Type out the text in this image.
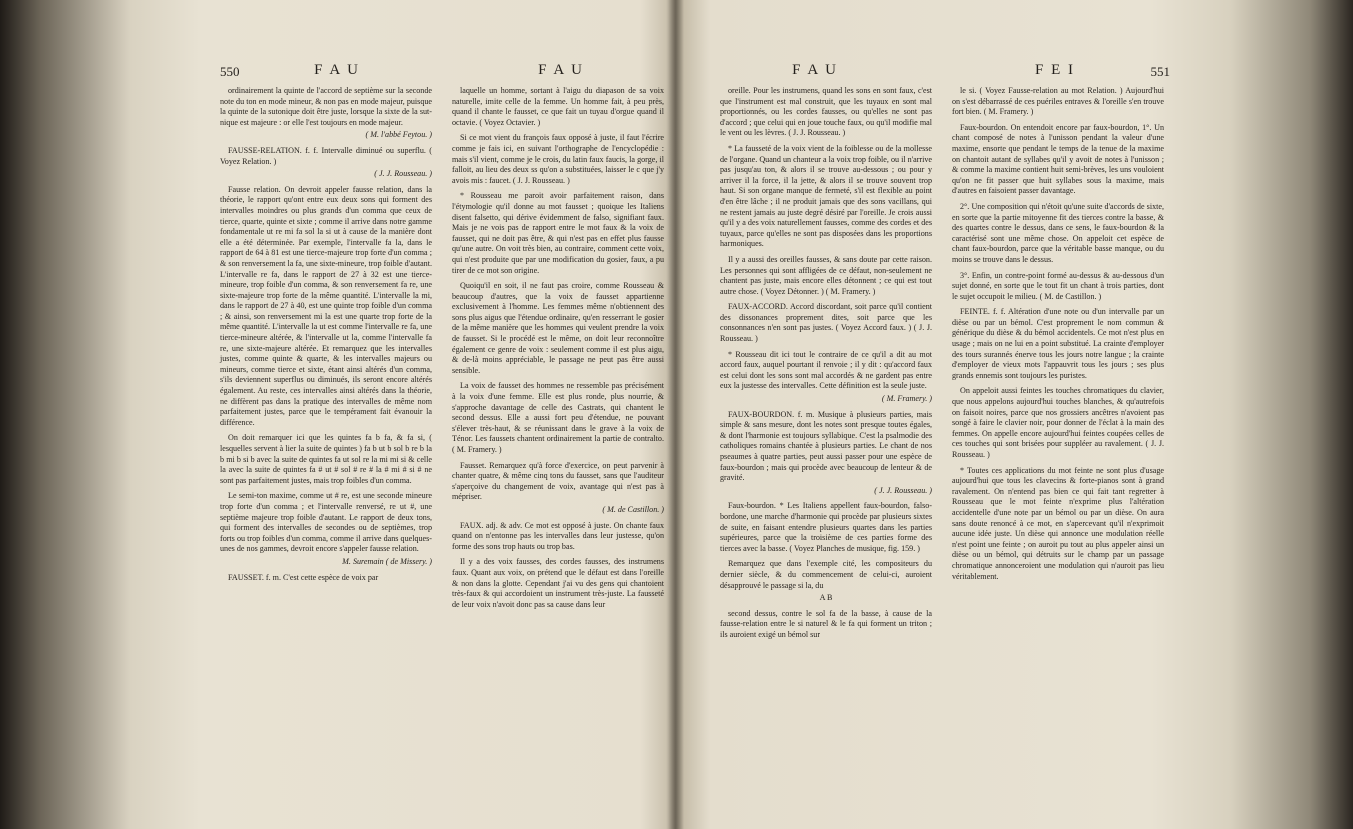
550	F A U	F A U

ordinairement la quinte de l'accord de septième sur la seconde note du ton en mode mineur, & non pas en mode majeur, puisque la quinte de la sutonique doit être juste, lorsque la sixte de la sut-nique est majeure : or elle l'est toujours en mode majeur.

( M. l'abbé Feytou. )

FAUSSE-RELATION. f. f. Intervalle diminué ou superflu. ( Voyez Relation. )

( J. J. Rousseau. )

Fausse relation. On devroit appeler fausse relation, dans la théorie, le rapport qu'ont entre eux deux sons qui forment des intervalles moindres ou plus grands d'un comma que ceux de tierce, quarte, quinte et sixte ; comme il arrive dans notre gamme fondamentale ut re mi fa sol la si ut à cause de la manière dont elle a été déterminée. Par exemple, l'intervalle fa la, dans le rapport de 64 à 81 est une tierce-majeure trop forte d'un comma ; & son renversement la fa, une sixte-mineure, trop foible d'autant. L'intervalle re fa, dans le rapport de 27 à 32 est une tierce-mineure, trop foible d'un comma, & son renversement fa re, une sixte-majeure trop forte de la même quantité. L'intervalle la mi, dans le rapport de 27 à 40, est une quinte trop foible d'un comma ; & ainsi, son renversement mi la est une quarte trop forte de la même quantité. L'intervalle la ut est comme l'intervalle re fa, une tierce-mineure altérée, & l'intervalle ut la, comme l'intervalle fa re, une sixte-majeure altérée. Et remarquez que les intervalles justes, comme quinte & quarte, & les intervalles majeurs ou mineurs, comme tierce et sixte, étant ainsi altérés d'un comma, s'ils deviennent superflus ou diminués, ils seront encore altérés également. Au reste, ces intervalles ainsi altérés dans la théorie, ne diffèrent pas dans la pratique des intervalles de même nom parfaitement justes, parce que le tempérament fait évanouir la différence.

On doit remarquer ici que les quintes fa b fa, & fa si, ( lesquelles servent à lier la suite de quintes ) fa b ut b sol b re b la b mi b si b avec la suite de quintes fa ut sol re la mi mi si & celle la avec la suite de quintes fa # ut # sol # re # la # mi # si # ne sont pas parfaitement justes, mais trop foibles d'un comma.

Le semi-ton maxime, comme ut # re, est une seconde mineure trop forte d'un comma ; et l'intervalle renversé, re ut #, une septième majeure trop foible d'autant. Le rapport de deux tons, qui forment des intervalles de secondes ou de septièmes, trop forts ou trop foibles d'un comma, comme il arrive dans quelques-unes de nos gammes, devroit encore s'appeler fausse relation.

M. Suremain ( de Missery. )

FAUSSET. f. m. C'est cette espèce de voix par

laquelle un homme, sortant à l'aigu du diapason de sa voix naturelle, imite celle de la femme. Un homme fait, à peu près, quand il chante le fausset, ce que fait un tuyau d'orgue quand il octavie. ( Voyez Octavier. )

Si ce mot vient du françois faux opposé à juste, il faut l'écrire comme je fais ici, en suivant l'orthographe de l'encyclopédie : mais s'il vient, comme je le crois, du latin faux faucis, la gorge, il falloit, au lieu des deux ss qu'on a substituées, laisser le c que j'y avois mis : faucet. ( J. J. Rousseau. )

* Rousseau me paroit avoir parfaitement raison, dans l'étymologie qu'il donne au mot fausset ; quoique les Italiens disent falsetto, qui dérive évidemment de falso, signifiant faux. Mais je ne vois pas de rapport entre le mot faux & la voix de fausset, qui ne doit pas être, & qui n'est pas en effet plus fausse qu'une autre. On voit très bien, au contraire, comment cette voix, qui n'est produite que par une modification du gosier, faux, a pu tirer de ce mot son origine.

Quoiqu'il en soit, il ne faut pas croire, comme Rousseau & beaucoup d'autres, que la voix de fausset appartienne exclusivement à l'homme. Les femmes même n'obtiennent des sons plus aigus que l'étendue ordinaire, qu'en resserrant le gosier de la même manière que les hommes qui veulent prendre la voix de fausset. Si le procédé est le même, on doit leur reconnoître également ce genre de voix : seulement comme il est plus aigu, & de-là moins appréciable, le passage ne peut pas être aussi sensible.

La voix de fausset des hommes ne ressemble pas précisément à la voix d'une femme. Elle est plus ronde, plus nourrie, & s'approche davantage de celle des Castrats, qui chantent le second dessus. Elle a aussi fort peu d'étendue, ne pouvant s'élever très-haut, & se réunissant dans le grave à la voix de Ténor. Les faussets chantent ordinairement la partie de contralto. ( M. Framery. )

Fausset. Remarquez qu'à force d'exercice, on peut parvenir à chanter quatre, & même cinq tons du fausset, sans que l'auditeur s'aperçoive du changement de voix, avantage qui n'est pas à mépriser.

( M. de Castillon. )

FAUX. adj. & adv. Ce mot est opposé à juste. On chante faux quand on n'entonne pas les intervalles dans leur justesse, qu'on forme des sons trop hauts ou trop bas.

Il y a des voix fausses, des cordes fausses, des instrumens faux. Quant aux voix, on prétend que le défaut est dans l'oreille & non dans la glotte. Cependant j'ai vu des gens qui chantoient très-faux & qui accordoient un instrument très-juste. La fausseté de leur voix n'avoit donc pas sa cause dans leur

F A U	F E I	551

oreille. Pour les instrumens, quand les sons en sont faux, c'est que l'instrument est mal construit, que les tuyaux en sont mal proportionnés, ou les cordes fausses, ou qu'elles ne sont pas d'accord ; que celui qui en joue touche faux, ou qu'il modifie mal le vent ou les lèvres. ( J. J. Rousseau. )

* La fausseté de la voix vient de la foiblesse ou de la mollesse de l'organe. Quand un chanteur a la voix trop foible, ou il n'arrive pas jusqu'au ton, & alors il se trouve au-dessous ; ou pour y arriver il la force, il la jette, & alors il se trouve souvent trop haut. Si son organe manque de fermeté, s'il est flexible au point d'en être lâche ; il ne produit jamais que des sons vacillans, qui ne restent jamais au juste degré désiré par l'oreille. Je crois aussi qu'il y a des voix naturellement fausses, comme des cordes et des tuyaux, parce qu'elles ne sont pas disposées dans les proportions harmoniques.

Il y a aussi des oreilles fausses, & sans doute par cette raison. Les personnes qui sont affligées de ce défaut, non-seulement ne chantent pas juste, mais encore elles détonnent ; ce qui est tout autre chose. ( Voyez Détonner. ) ( M. Framery. )

FAUX-ACCORD. Accord discordant, soit parce qu'il contient des dissonances proprement dites, soit parce que les consonnances n'en sont pas justes. ( Voyez Accord faux. ) ( J. J. Rousseau. )

* Rousseau dit ici tout le contraire de ce qu'il a dit au mot accord faux, auquel pourtant il renvoie ; il y dit : qu'accord faux est celui dont les sons sont mal accordés & ne gardent pas entre eux la justesse des intervalles. Cette définition est la seule juste.

( M. Framery. )

FAUX-BOURDON. f. m. Musique à plusieurs parties, mais simple & sans mesure, dont les notes sont presque toutes égales, & dont l'harmonie est toujours syllabique. C'est la psalmodie des catholiques romains chantée à plusieurs parties. Le chant de nos pseaumes à quatre parties, peut aussi passer pour une espèce de faux-bourdon ; mais qui procède avec beaucoup de lenteur & de gravité.

( J. J. Rousseau. )

Faux-bourdon. * Les Italiens appellent faux-bourdon, falso-bordone, une marche d'harmonie qui procède par plusieurs sixtes de suite, en faisant entendre plusieurs quartes dans les parties supérieures, parce que la troisième de ces parties forme des tierces avec la basse. ( Voyez Planches de musique, fig. 159. )

Remarquez que dans l'exemple cité, les compositeurs du dernier siècle, & du commencement de celui-ci, auroient désapprouvé le passage si la, du

A B

second dessus, contre le sol fa de la basse, à cause de la fausse-relation entre le si naturel & le fa qui forment un triton ; ils auroient exigé un bémol sur

le si. ( Voyez Fausse-relation au mot Relation. ) Aujourd'hui on s'est débarrassé de ces puériles entraves & l'oreille s'en trouve fort bien. ( M. Framery. )

Faux-bourdon. On entendoit encore par faux-bourdon, 1°. Un chant composé de notes à l'unisson pendant la valeur d'une maxime, ensorte que pendant le temps de la tenue de la maxime on chantoit autant de syllabes qu'il y avoit de notes à l'unisson ; & comme la maxime contient huit semi-brèves, les uns vouloient qu'on ne fit passer que huit syllabes sous la maxime, mais d'autres en faisoient passer davantage.

2°. Une composition qui n'étoit qu'une suite d'accords de sixte, en sorte que la partie mitoyenne fit des tierces contre la basse, & des quartes contre le dessus, dans ce sens, le faux-bourdon & la caractérisé sont une même chose. On appeloit cet espèce de chant faux-bourdon, parce que la véritable basse manque, ou du moins se trouve dans le dessus.

3°. Enfin, un contre-point formé au-dessus & au-dessous d'un sujet donné, en sorte que le tout fit un chant à trois parties, dont le sujet occupoit le milieu. ( M. de Castillon. )

FEINTE. f. f. Altération d'une note ou d'un intervalle par un dièse ou par un bémol. C'est proprement le nom commun & générique du dièse & du bémol accidentels. Ce mot n'est plus en usage ; mais on ne lui en a point substitué. La crainte d'employer des tours surannés énerve tous les jours notre langue ; la crainte d'employer de vieux mots l'appauvrit tous les jours ; ses plus grands ennemis sont toujours les puristes.

On appeloit aussi feintes les touches chromatiques du clavier, que nous appelons aujourd'hui touches blanches, & qu'autrefois on faisoit noires, parce que nos grossiers ancêtres n'avoient pas songé à faire le clavier noir, pour donner de l'éclat à la main des femmes. On appelle encore aujourd'hui feintes coupées celles de ces touches qui sont brisées pour suppléer au ravalement. ( J. J. Rousseau. )

* Toutes ces applications du mot feinte ne sont plus d'usage aujourd'hui que tous les clavecins & forte-pianos sont à grand ravalement. On n'entend pas bien ce qui fait tant regretter à Rousseau que le mot feinte n'exprime plus l'altération accidentelle d'une note par un bémol ou par un dièse. On aura sans doute renoncé à ce mot, en s'apercevant qu'il n'exprimoit aucune idée juste. Un dièse qui annonce une modulation réelle n'est point une feinte ; on auroit pu tout au plus appeler ainsi un dièse ou un bémol, qui détruits sur le champ par un passage chromatique annonceroient une modulation qui n'auroit pas lieu véritablement.
